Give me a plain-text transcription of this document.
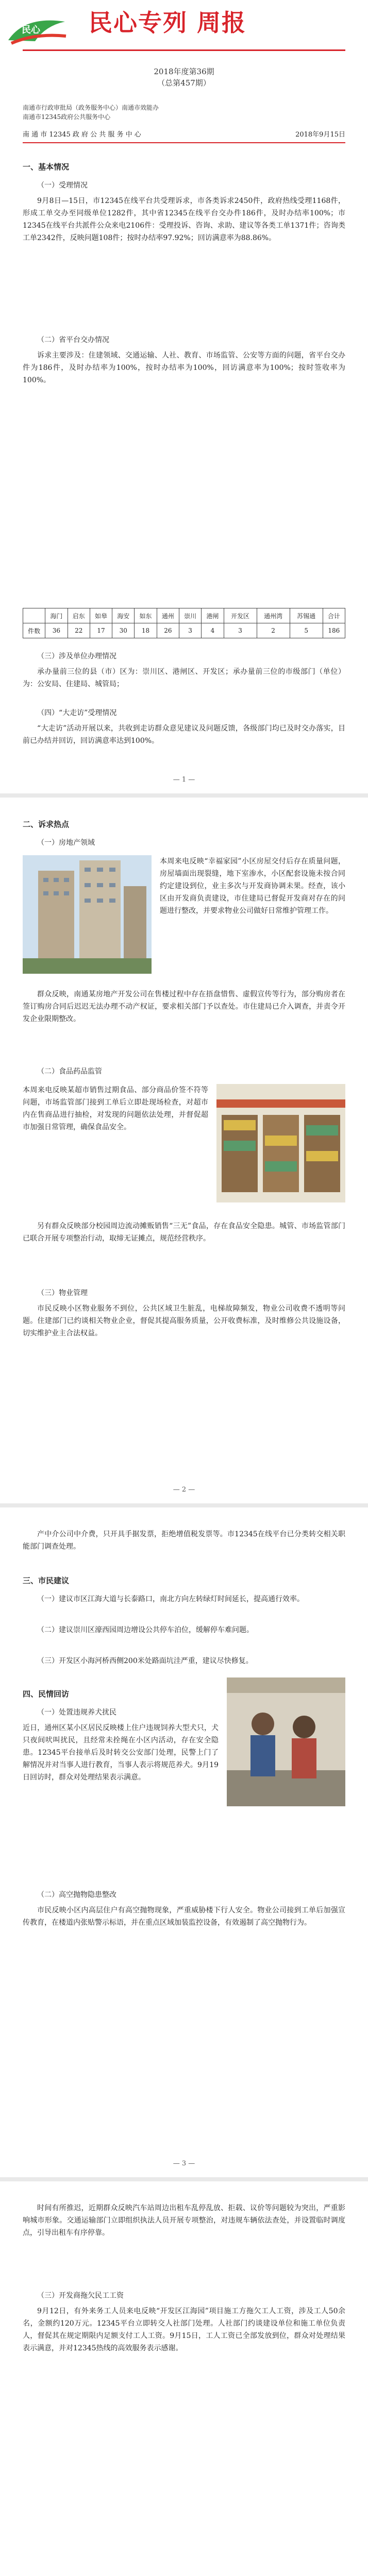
民心 民心专列 周报
2018年度第36期
（总第457期）
南通市行政审批局（政务服务中心）南通市效能办
南通市12345政府公共服务中心
南 通 市 12345 政 府 公 共 服 务 中 心	2018年9月15日

一、基本情况

（一）受理情况

9月8日—15日，市12345在线平台共受理诉求，市各类诉求2450件，政府热线受理1168件，形成工单交办至同级单位1282件，其中省12345在线平台交办件186件，及时办结率100%；市12345在线平台共派件公众来电2106件：受理投诉、咨询、求助、建议等各类工单1371件；咨询类工单2342件，反映问题108件；按时办结率97.92%；回访满意率为88.86%。

（二）省平台交办情况

诉求主要涉及：住建领域、交通运输、人社、教育、市场监管、公安等方面的问题，省平台交办件为186件，及时办结率为100%，按时办结率为100%，回访满意率为100%；按时签收率为100%。

	海门	启东	如皋	海安	如东	通州	崇川	港闸	开发区	通州湾	苏锡通	合计
件数	36	22	17	30	18	26	3	4	3	2	5	186

（三）涉及单位办理情况

承办量前三位的县（市）区为：崇川区、港闸区、开发区；承办量前三位的市级部门（单位）为：公安局、住建局、城管局；

（四）“大走访”受理情况

“大走访”活动开展以来，共收到走访群众意见建议及问题反馈，各级部门均已及时交办落实，目前已办结并回访，回访满意率达到100%。

— 1 —

二、诉求热点

（一）房地产领域

本周来电反映“幸福家园”小区房屋交付后存在质量问题，房屋墙面出现裂缝，地下室渗水，小区配套设施未按合同约定建设到位，业主多次与开发商协调未果。经查，该小区由开发商负责建设，市住建局已督促开发商对存在的问题进行整改，并要求物业公司做好日常维护管理工作。

群众反映，南通某房地产开发公司在售楼过程中存在捂盘惜售、虚假宣传等行为，部分购房者在签订购房合同后迟迟无法办理不动产权证，要求相关部门予以查处。市住建局已介入调查，并责令开发企业限期整改。

（二）食品药品监管

本周来电反映某超市销售过期食品、部分商品价签不符等问题，市场监管部门接到工单后立即赴现场检查，对超市内在售商品进行抽检，对发现的问题依法处理，并督促超市加强日常管理，确保食品安全。

另有群众反映部分校园周边流动摊贩销售“三无”食品，存在食品安全隐患。城管、市场监管部门已联合开展专项整治行动，取缔无证摊点，规范经营秩序。

（三）物业管理

市民反映小区物业服务不到位，公共区域卫生脏乱，电梯故障频发，物业公司收费不透明等问题。住建部门已约谈相关物业企业，督促其提高服务质量，公开收费标准，及时维修公共设施设备，切实维护业主合法权益。

— 2 —

产中介公司中介费，只开具手据发票，拒绝增值税发票等。市12345在线平台已分类转交相关职能部门调查处理。

三、市民建议

（一）建议市区江海大道与长泰路口，南北方向左转绿灯时间延长，提高通行效率。

（二）建议崇川区濠西园周边增设公共停车泊位，缓解停车难问题。

（三）开发区小海河桥西侧200米处路面坑洼严重，建议尽快修复。

四、民情回访

（一）处置违规养犬扰民

近日，通州区某小区居民反映楼上住户违规饲养大型犬只，犬只夜间吠叫扰民，且经常未拴绳在小区内活动，存在安全隐患。12345平台接单后及时转交公安部门处理，民警上门了解情况并对当事人进行教育，当事人表示将规范养犬。9月19日回访时，群众对处理结果表示满意。

（二）高空抛物隐患整改

市民反映小区内高层住户有高空抛物现象，严重威胁楼下行人安全。物业公司接到工单后加强宣传教育，在楼道内张贴警示标语，并在重点区域加装监控设备，有效遏制了高空抛物行为。

— 3 —

时间有所推迟，近期群众反映汽车站周边出租车乱停乱放、拒载、议价等问题较为突出，严重影响城市形象。交通运输部门立即组织执法人员开展专项整治，对违规车辆依法查处，并设置临时调度点，引导出租车有序停靠。

（三）开发商拖欠民工工资

9月12日，有外来务工人员来电反映“开发区江海园”项目施工方拖欠工人工资，涉及工人50余名，金额约120万元。12345平台立即转交人社部门处理。人社部门约谈建设单位和施工单位负责人，督促其在规定期限内足额支付工人工资。9月15日，工人工资已全部发放到位，群众对处理结果表示满意，并对12345热线的高效服务表示感谢。
